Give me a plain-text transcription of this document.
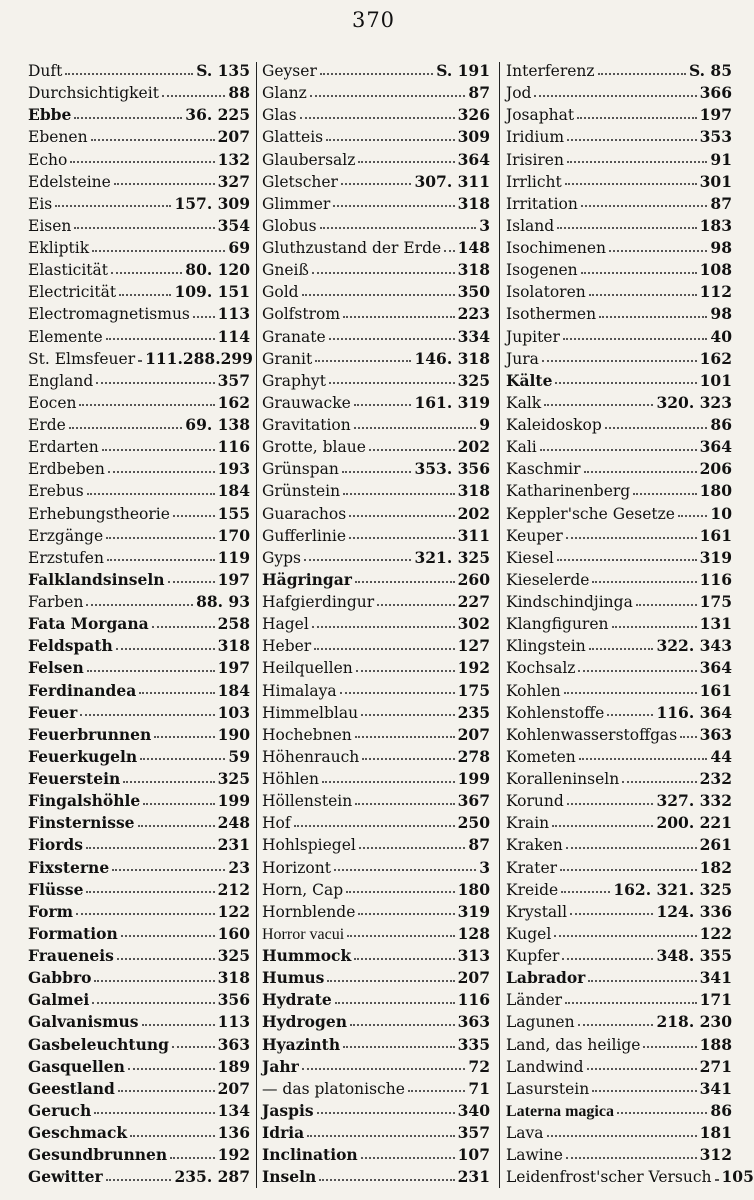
370
Duft	S. 135
Durchsichtigkeit	88
Ebbe	36. 225
Ebenen	207
Echo	132
Edelsteine	327
Eis	157. 309
Eisen	354
Ekliptik	69
Elasticität	80. 120
Electricität	109. 151
Electromagnetismus 113
Elemente	114
St. Elmsfeuer 111.288.299
England	357
Eocen	162
Erde	69. 138
Erdarten	116
Erdbeben	193
Erebus	184
Erhebungstheorie	155
Erzgänge	170
Erzstufen	119
Falklandsinseln	197
Farben	88. 93
Fata Morgana	258
Feldspath	318
Felsen	197
Ferdinandea	184
Feuer	103
Feuerbrunnen	190
Feuerkugeln	59
Feuerstein	325
Fingalshöhle	199
Finsternisse	248
Fiords	231
Fixsterne	23
Flüsse	212
Form	122
Formation	160
Fraueneis	325
Gabbro	318
Galmei	356
Galvanismus	113
Gasbeleuchtung	363
Gasquellen	189
Geestland	207
Geruch	134
Geschmack	136
Gesundbrunnen	192
Gewitter	235. 287
Geyser	S. 191
Glanz	87
Glas	326
Glatteis	309
Glaubersalz	364
Gletscher	307. 311
Glimmer	318
Globus	3
Gluthzustand der Erde 148
Gneiß	318
Gold	350
Golfstrom	223
Granate	334
Granit	146. 318
Graphyt	325
Grauwacke	161. 319
Gravitation	9
Grotte, blaue	202
Grünspan	353. 356
Grünstein	318
Guarachos	202
Gufferlinie	311
Gyps	321. 325
Hägringar	260
Hafgierdingur	227
Hagel	302
Heber	127
Heilquellen	192
Himalaya	175
Himmelblau	235
Hochebnen	207
Höhenrauch	278
Höhlen	199
Höllenstein	367
Hof	250
Hohlspiegel	87
Horizont	3
Horn, Cap	180
Hornblende	319
Horror vacui	128
Hummock	313
Humus	207
Hydrate	116
Hydrogen	363
Hyazinth	335
Jahr	72
— das platonische	71
Jaspis	340
Idria	357
Inclination	107
Inseln	231
Interferenz	S. 85
Jod	366
Josaphat	197
Iridium	353
Irisiren	91
Irrlicht	301
Irritation	87
Island	183
Isochimenen	98
Isogenen	108
Isolatoren	112
Isothermen	98
Jupiter	40
Jura	162
Kälte	101
Kalk	320. 323
Kaleidoskop	86
Kali	364
Kaschmir	206
Katharinenberg	180
Keppler'sche Gesetze 10
Keuper	161
Kiesel	319
Kieselerde	116
Kindschindjinga	175
Klangfiguren	131
Klingstein	322. 343
Kochsalz	364
Kohlen	161
Kohlenstoffe	116. 364
Kohlenwasserstoffgas 363
Kometen	44
Koralleninseln	232
Korund	327. 332
Krain	200. 221
Kraken	261
Krater	182
Kreide	162. 321. 325
Krystall	124. 336
Kugel	122
Kupfer	348. 355
Labrador	341
Länder	171
Lagunen	218. 230
Land, das heilige	188
Landwind	271
Lasurstein	341
Laterna magica	86
Lava	181
Lawine	312
Leidenfrost'scher Versuch 105
